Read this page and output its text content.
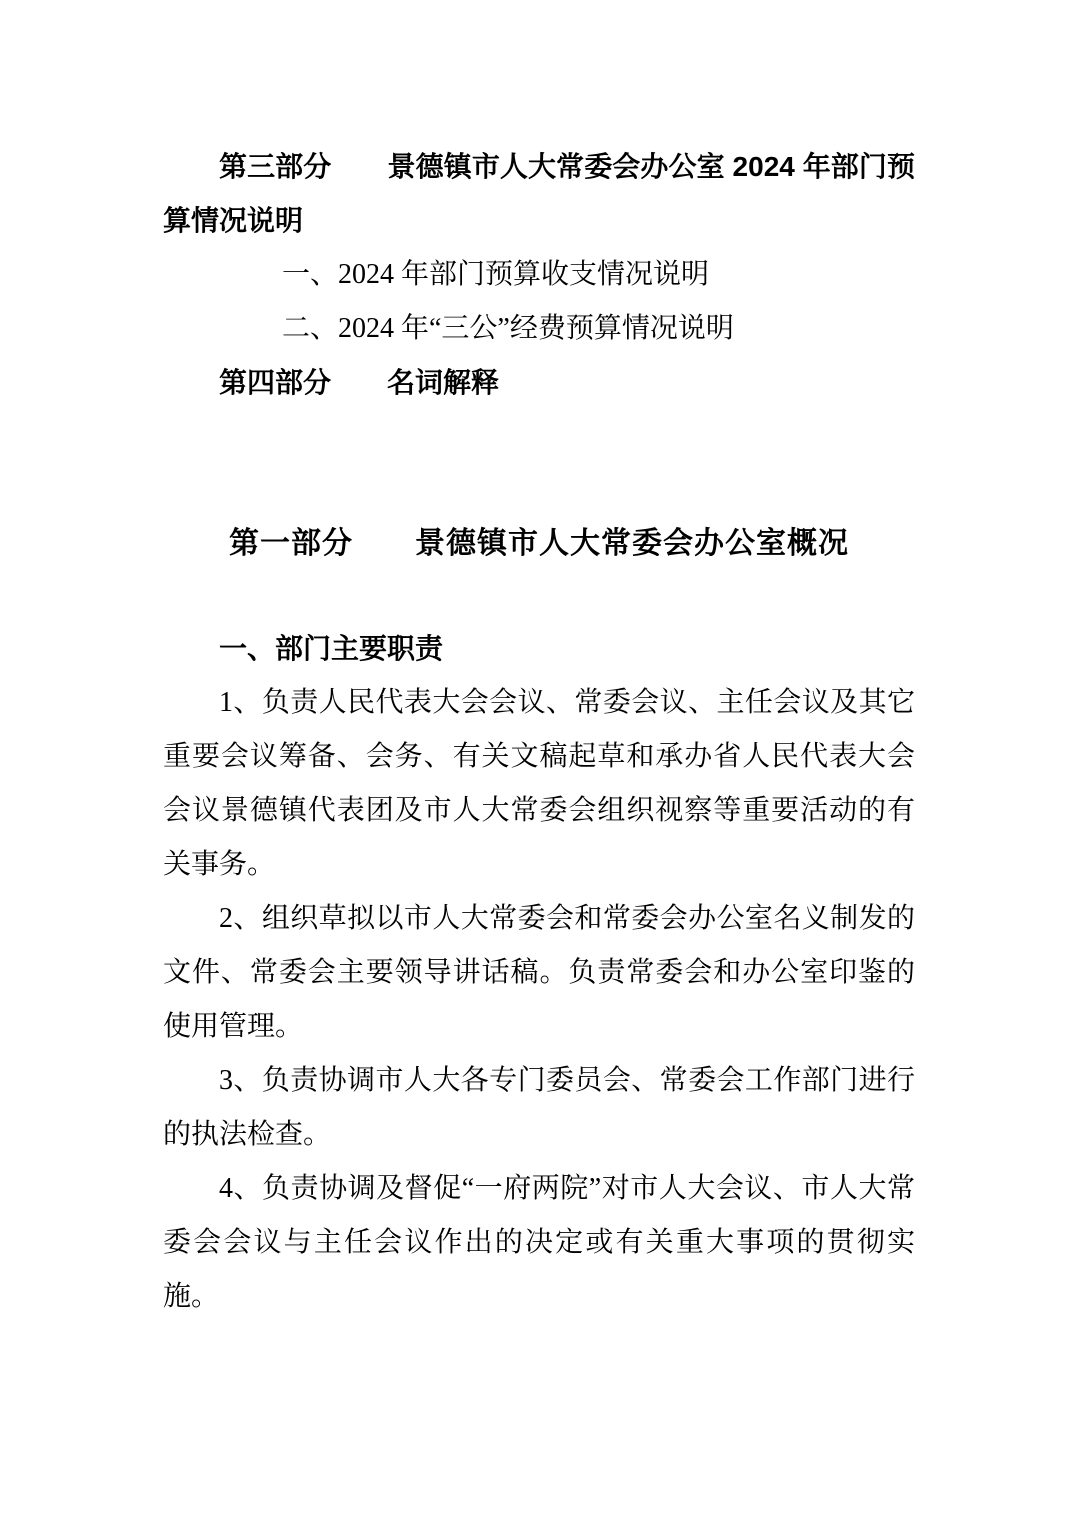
第三部分　　景德镇市人大常委会办公室 2024 年部门预算情况说明
一、2024 年部门预算收支情况说明
二、2024 年“三公”经费预算情况说明
第四部分　　名词解释
第一部分　　景德镇市人大常委会办公室概况
一、部门主要职责

1、负责人民代表大会会议、常委会议、主任会议及其它重要会议筹备、会务、有关文稿起草和承办省人民代表大会会议景德镇代表团及市人大常委会组织视察等重要活动的有关事务。

2、组织草拟以市人大常委会和常委会办公室名义制发的文件、常委会主要领导讲话稿。负责常委会和办公室印鉴的使用管理。

3、负责协调市人大各专门委员会、常委会工作部门进行的执法检查。

4、负责协调及督促“一府两院”对市人大会议、市人大常委会会议与主任会议作出的决定或有关重大事项的贯彻实施。
